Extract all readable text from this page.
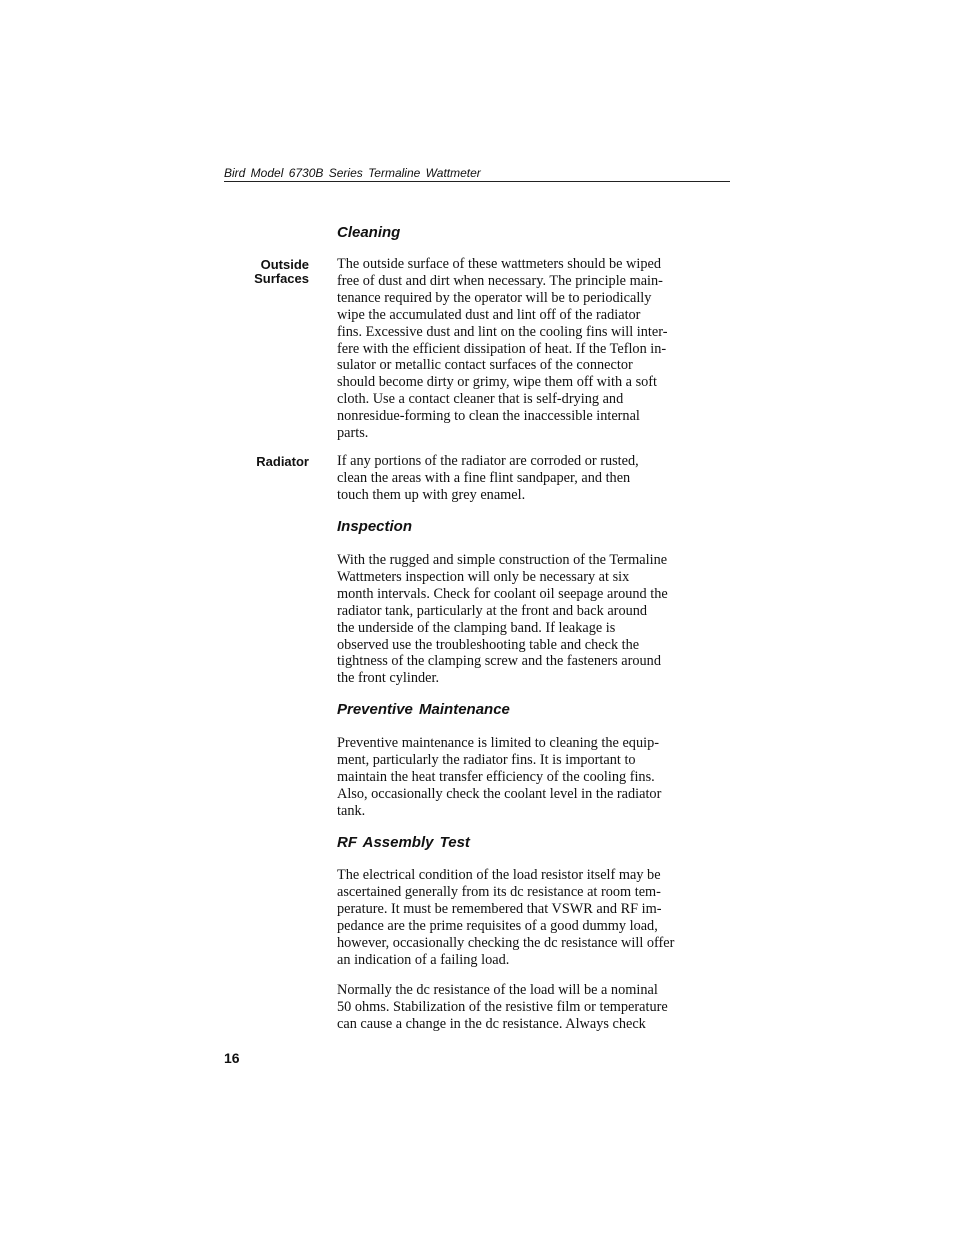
Bird Model 6730B Series Termaline Wattmeter
Cleaning
Outside
Surfaces

The outside surface of these wattmeters should be wiped
free of dust and dirt when necessary. The principle main-
tenance required by the operator will be to periodically
wipe the accumulated dust and lint off of the radiator
fins. Excessive dust and lint on the cooling fins will inter-
fere with the efficient dissipation of heat. If the Teflon in-
sulator or metallic contact surfaces of the connector
should become dirty or grimy, wipe them off with a soft
cloth. Use a contact cleaner that is self-drying and
nonresidue-forming to clean the inaccessible internal
parts.

Radiator If any portions of the radiator are corroded or rusted,
clean the areas with a fine flint sandpaper, and then
touch them up with grey enamel.

Inspection

With the rugged and simple construction of the Termaline
Wattmeters inspection will only be necessary at six
month intervals. Check for coolant oil seepage around the
radiator tank, particularly at the front and back around
the underside of the clamping band. If leakage is
observed use the troubleshooting table and check the
tightness of the clamping screw and the fasteners around
the front cylinder.

Preventive Maintenance

Preventive maintenance is limited to cleaning the equip-
ment, particularly the radiator fins. It is important to
maintain the heat transfer efficiency of the cooling fins.
Also, occasionally check the coolant level in the radiator
tank.

RF Assembly Test

The electrical condition of the load resistor itself may be
ascertained generally from its dc resistance at room tem-
perature. It must be remembered that VSWR and RF im-
pedance are the prime requisites of a good dummy load,
however, occasionally checking the dc resistance will offer
an indication of a failing load.

Normally the dc resistance of the load will be a nominal
50 ohms. Stabilization of the resistive film or temperature
can cause a change in the dc resistance. Always check

16
